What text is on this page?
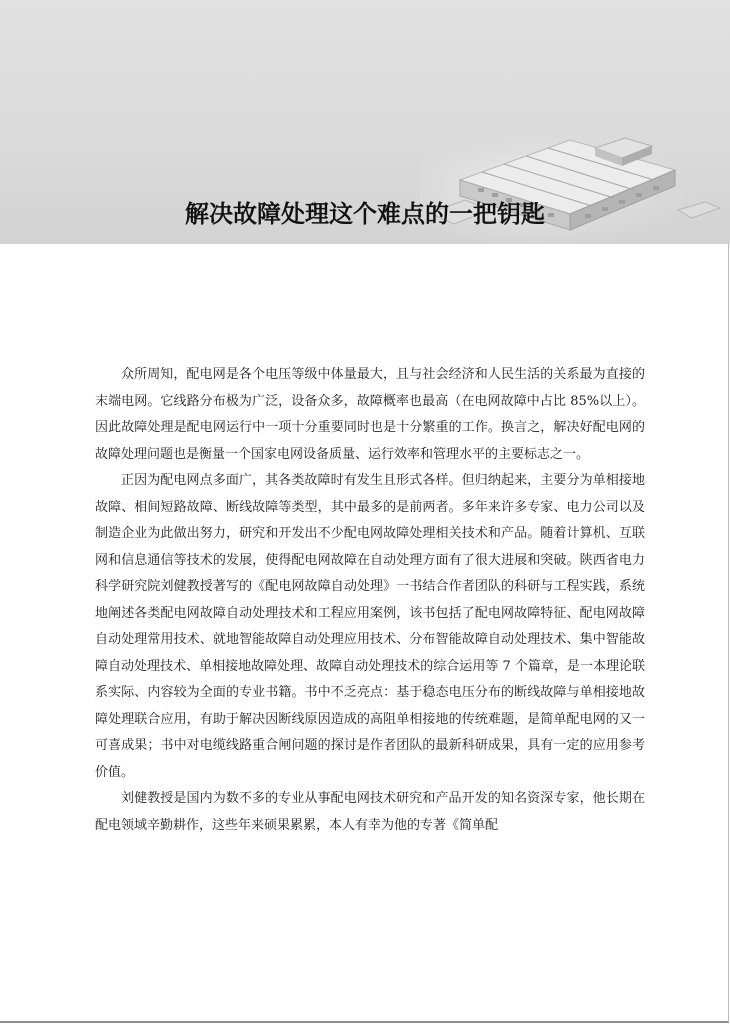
解决故障处理这个难点的一把钥匙

众所周知，配电网是各个电压等级中体量最大，且与社会经济和人民生活的关系最为直接的末端电网。它线路分布极为广泛，设备众多，故障概率也最高（在电网故障中占比 85%以上）。因此故障处理是配电网运行中一项十分重要同时也是十分繁重的工作。换言之，解决好配电网的故障处理问题也是衡量一个国家电网设备质量、运行效率和管理水平的主要标志之一。

正因为配电网点多面广，其各类故障时有发生且形式各样。但归纳起来，主要分为单相接地故障、相间短路故障、断线故障等类型，其中最多的是前两者。多年来许多专家、电力公司以及制造企业为此做出努力，研究和开发出不少配电网故障处理相关技术和产品。随着计算机、互联网和信息通信等技术的发展，使得配电网故障在自动处理方面有了很大进展和突破。陕西省电力科学研究院刘健教授著写的《配电网故障自动处理》一书结合作者团队的科研与工程实践，系统地阐述各类配电网故障自动处理技术和工程应用案例，该书包括了配电网故障特征、配电网故障自动处理常用技术、就地智能故障自动处理应用技术、分布智能故障自动处理技术、集中智能故障自动处理技术、单相接地故障处理、故障自动处理技术的综合运用等 7 个篇章，是一本理论联系实际、内容较为全面的专业书籍。书中不乏亮点：基于稳态电压分布的断线故障与单相接地故障处理联合应用，有助于解决因断线原因造成的高阻单相接地的传统难题，是简单配电网的又一可喜成果；书中对电缆线路重合闸问题的探讨是作者团队的最新科研成果，具有一定的应用参考价值。

刘健教授是国内为数不多的专业从事配电网技术研究和产品开发的知名资深专家，他长期在配电领域辛勤耕作，这些年来硕果累累，本人有幸为他的专著《简单配
